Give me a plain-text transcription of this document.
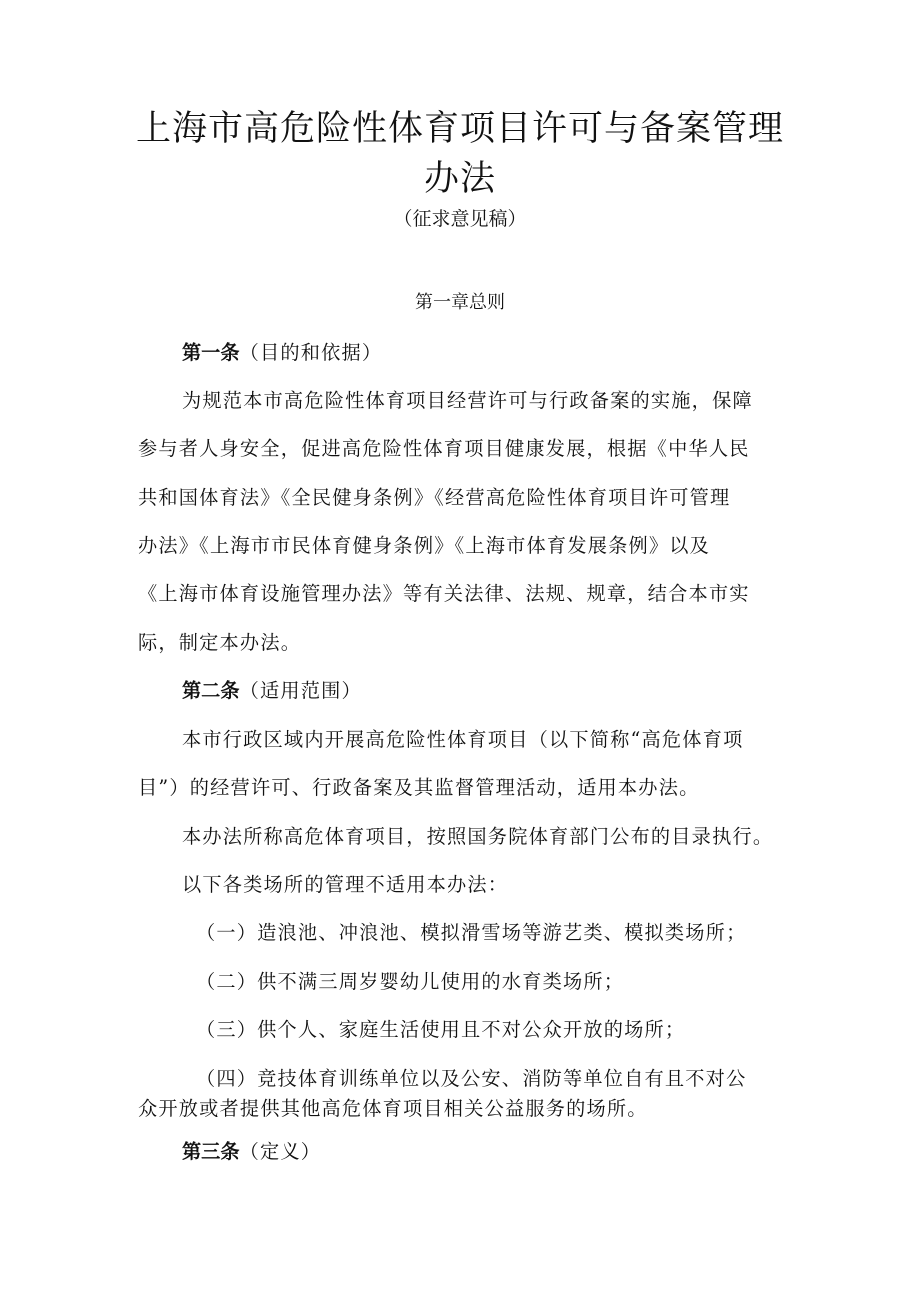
上海市高危险性体育项目许可与备案管理
办法

（征求意见稿）

第一章总则

第一条（目的和依据）

为规范本市高危险性体育项目经营许可与行政备案的实施，保障

参与者人身安全，促进高危险性体育项目健康发展，根据《中华人民

共和国体育法》《全民健身条例》《经营高危险性体育项目许可管理

办法》《上海市市民体育健身条例》《上海市体育发展条例》以及

《上海市体育设施管理办法》等有关法律、法规、规章，结合本市实

际，制定本办法。

第二条（适用范围）

本市行政区域内开展高危险性体育项目（以下简称“高危体育项

目”）的经营许可、行政备案及其监督管理活动，适用本办法。

本办法所称高危体育项目，按照国务院体育部门公布的目录执行。

以下各类场所的管理不适用本办法：

（一）造浪池、冲浪池、模拟滑雪场等游艺类、模拟类场所；

（二）供不满三周岁婴幼儿使用的水育类场所；

（三）供个人、家庭生活使用且不对公众开放的场所；

（四）竞技体育训练单位以及公安、消防等单位自有且不对公

众开放或者提供其他高危体育项目相关公益服务的场所。

第三条（定义）
